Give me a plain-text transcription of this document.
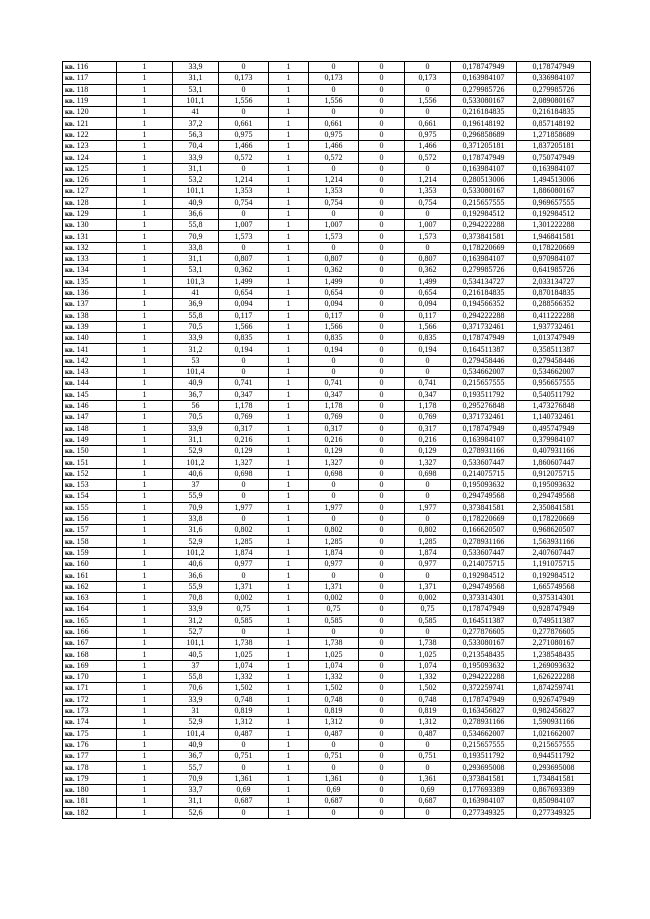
кв. 116	1	33,9	0	1	0	0	0	0,178747949	0,178747949
кв. 117	1	31,1	0,173	1	0,173	0	0,173	0,163984107	0,336984107
кв. 118	1	53,1	0	1	0	0	0	0,279985726	0,279985726
кв. 119	1	101,1	1,556	1	1,556	0	1,556	0,533080167	2,089080167
кв. 120	1	41	0	1	0	0	0	0,216184835	0,216184835
кв. 121	1	37,2	0,661	1	0,661	0	0,661	0,196148192	0,857148192
кв. 122	1	56,3	0,975	1	0,975	0	0,975	0,296858689	1,271858689
кв. 123	1	70,4	1,466	1	1,466	0	1,466	0,371205181	1,837205181
кв. 124	1	33,9	0,572	1	0,572	0	0,572	0,178747949	0,750747949
кв. 125	1	31,1	0	1	0	0	0	0,163984107	0,163984107
кв. 126	1	53,2	1,214	1	1,214	0	1,214	0,280513006	1,494513006
кв. 127	1	101,1	1,353	1	1,353	0	1,353	0,533080167	1,886080167
кв. 128	1	40,9	0,754	1	0,754	0	0,754	0,215657555	0,969657555
кв. 129	1	36,6	0	1	0	0	0	0,192984512	0,192984512
кв. 130	1	55,8	1,007	1	1,007	0	1,007	0,294222288	1,301222288
кв. 131	1	70,9	1,573	1	1,573	0	1,573	0,373841581	1,946841581
кв. 132	1	33,8	0	1	0	0	0	0,178220669	0,178220669
кв. 133	1	31,1	0,807	1	0,807	0	0,807	0,163984107	0,970984107
кв. 134	1	53,1	0,362	1	0,362	0	0,362	0,279985726	0,641985726
кв. 135	1	101,3	1,499	1	1,499	0	1,499	0,534134727	2,033134727
кв. 136	1	41	0,654	1	0,654	0	0,654	0,216184835	0,870184835
кв. 137	1	36,9	0,094	1	0,094	0	0,094	0,194566352	0,288566352
кв. 138	1	55,8	0,117	1	0,117	0	0,117	0,294222288	0,411222288
кв. 139	1	70,5	1,566	1	1,566	0	1,566	0,371732461	1,937732461
кв. 140	1	33,9	0,835	1	0,835	0	0,835	0,178747949	1,013747949
кв. 141	1	31,2	0,194	1	0,194	0	0,194	0,164511387	0,358511387
кв. 142	1	53	0	1	0	0	0	0,279458446	0,279458446
кв. 143	1	101,4	0	1	0	0	0	0,534662007	0,534662007
кв. 144	1	40,9	0,741	1	0,741	0	0,741	0,215657555	0,956657555
кв. 145	1	36,7	0,347	1	0,347	0	0,347	0,193511792	0,540511792
кв. 146	1	56	1,178	1	1,178	0	1,178	0,295276848	1,473276848
кв. 147	1	70,5	0,769	1	0,769	0	0,769	0,371732461	1,140732461
кв. 148	1	33,9	0,317	1	0,317	0	0,317	0,178747949	0,495747949
кв. 149	1	31,1	0,216	1	0,216	0	0,216	0,163984107	0,379984107
кв. 150	1	52,9	0,129	1	0,129	0	0,129	0,278931166	0,407931166
кв. 151	1	101,2	1,327	1	1,327	0	1,327	0,533607447	1,860607447
кв. 152	1	40,6	0,698	1	0,698	0	0,698	0,214075715	0,912075715
кв. 153	1	37	0	1	0	0	0	0,195093632	0,195093632
кв. 154	1	55,9	0	1	0	0	0	0,294749568	0,294749568
кв. 155	1	70,9	1,977	1	1,977	0	1,977	0,373841581	2,350841581
кв. 156	1	33,8	0	1	0	0	0	0,178220669	0,178220669
кв. 157	1	31,6	0,802	1	0,802	0	0,802	0,166620507	0,968620507
кв. 158	1	52,9	1,285	1	1,285	0	1,285	0,278931166	1,563931166
кв. 159	1	101,2	1,874	1	1,874	0	1,874	0,533607447	2,407607447
кв. 160	1	40,6	0,977	1	0,977	0	0,977	0,214075715	1,191075715
кв. 161	1	36,6	0	1	0	0	0	0,192984512	0,192984512
кв. 162	1	55,9	1,371	1	1,371	0	1,371	0,294749568	1,665749568
кв. 163	1	70,8	0,002	1	0,002	0	0,002	0,373314301	0,375314301
кв. 164	1	33,9	0,75	1	0,75	0	0,75	0,178747949	0,928747949
кв. 165	1	31,2	0,585	1	0,585	0	0,585	0,164511387	0,749511387
кв. 166	1	52,7	0	1	0	0	0	0,277876605	0,277876605
кв. 167	1	101,1	1,738	1	1,738	0	1,738	0,533080167	2,271080167
кв. 168	1	40,5	1,025	1	1,025	0	1,025	0,213548435	1,238548435
кв. 169	1	37	1,074	1	1,074	0	1,074	0,195093632	1,269093632
кв. 170	1	55,8	1,332	1	1,332	0	1,332	0,294222288	1,626222288
кв. 171	1	70,6	1,502	1	1,502	0	1,502	0,372259741	1,874259741
кв. 172	1	33,9	0,748	1	0,748	0	0,748	0,178747949	0,926747949
кв. 173	1	31	0,819	1	0,819	0	0,819	0,163456827	0,982456827
кв. 174	1	52,9	1,312	1	1,312	0	1,312	0,278931166	1,590931166
кв. 175	1	101,4	0,487	1	0,487	0	0,487	0,534662007	1,021662007
кв. 176	1	40,9	0	1	0	0	0	0,215657555	0,215657555
кв. 177	1	36,7	0,751	1	0,751	0	0,751	0,193511792	0,944511792
кв. 178	1	55,7	0	1	0	0	0	0,293695008	0,293695008
кв. 179	1	70,9	1,361	1	1,361	0	1,361	0,373841581	1,734841581
кв. 180	1	33,7	0,69	1	0,69	0	0,69	0,177693389	0,867693389
кв. 181	1	31,1	0,687	1	0,687	0	0,687	0,163984107	0,850984107
кв. 182	1	52,6	0	1	0	0	0	0,277349325	0,277349325
